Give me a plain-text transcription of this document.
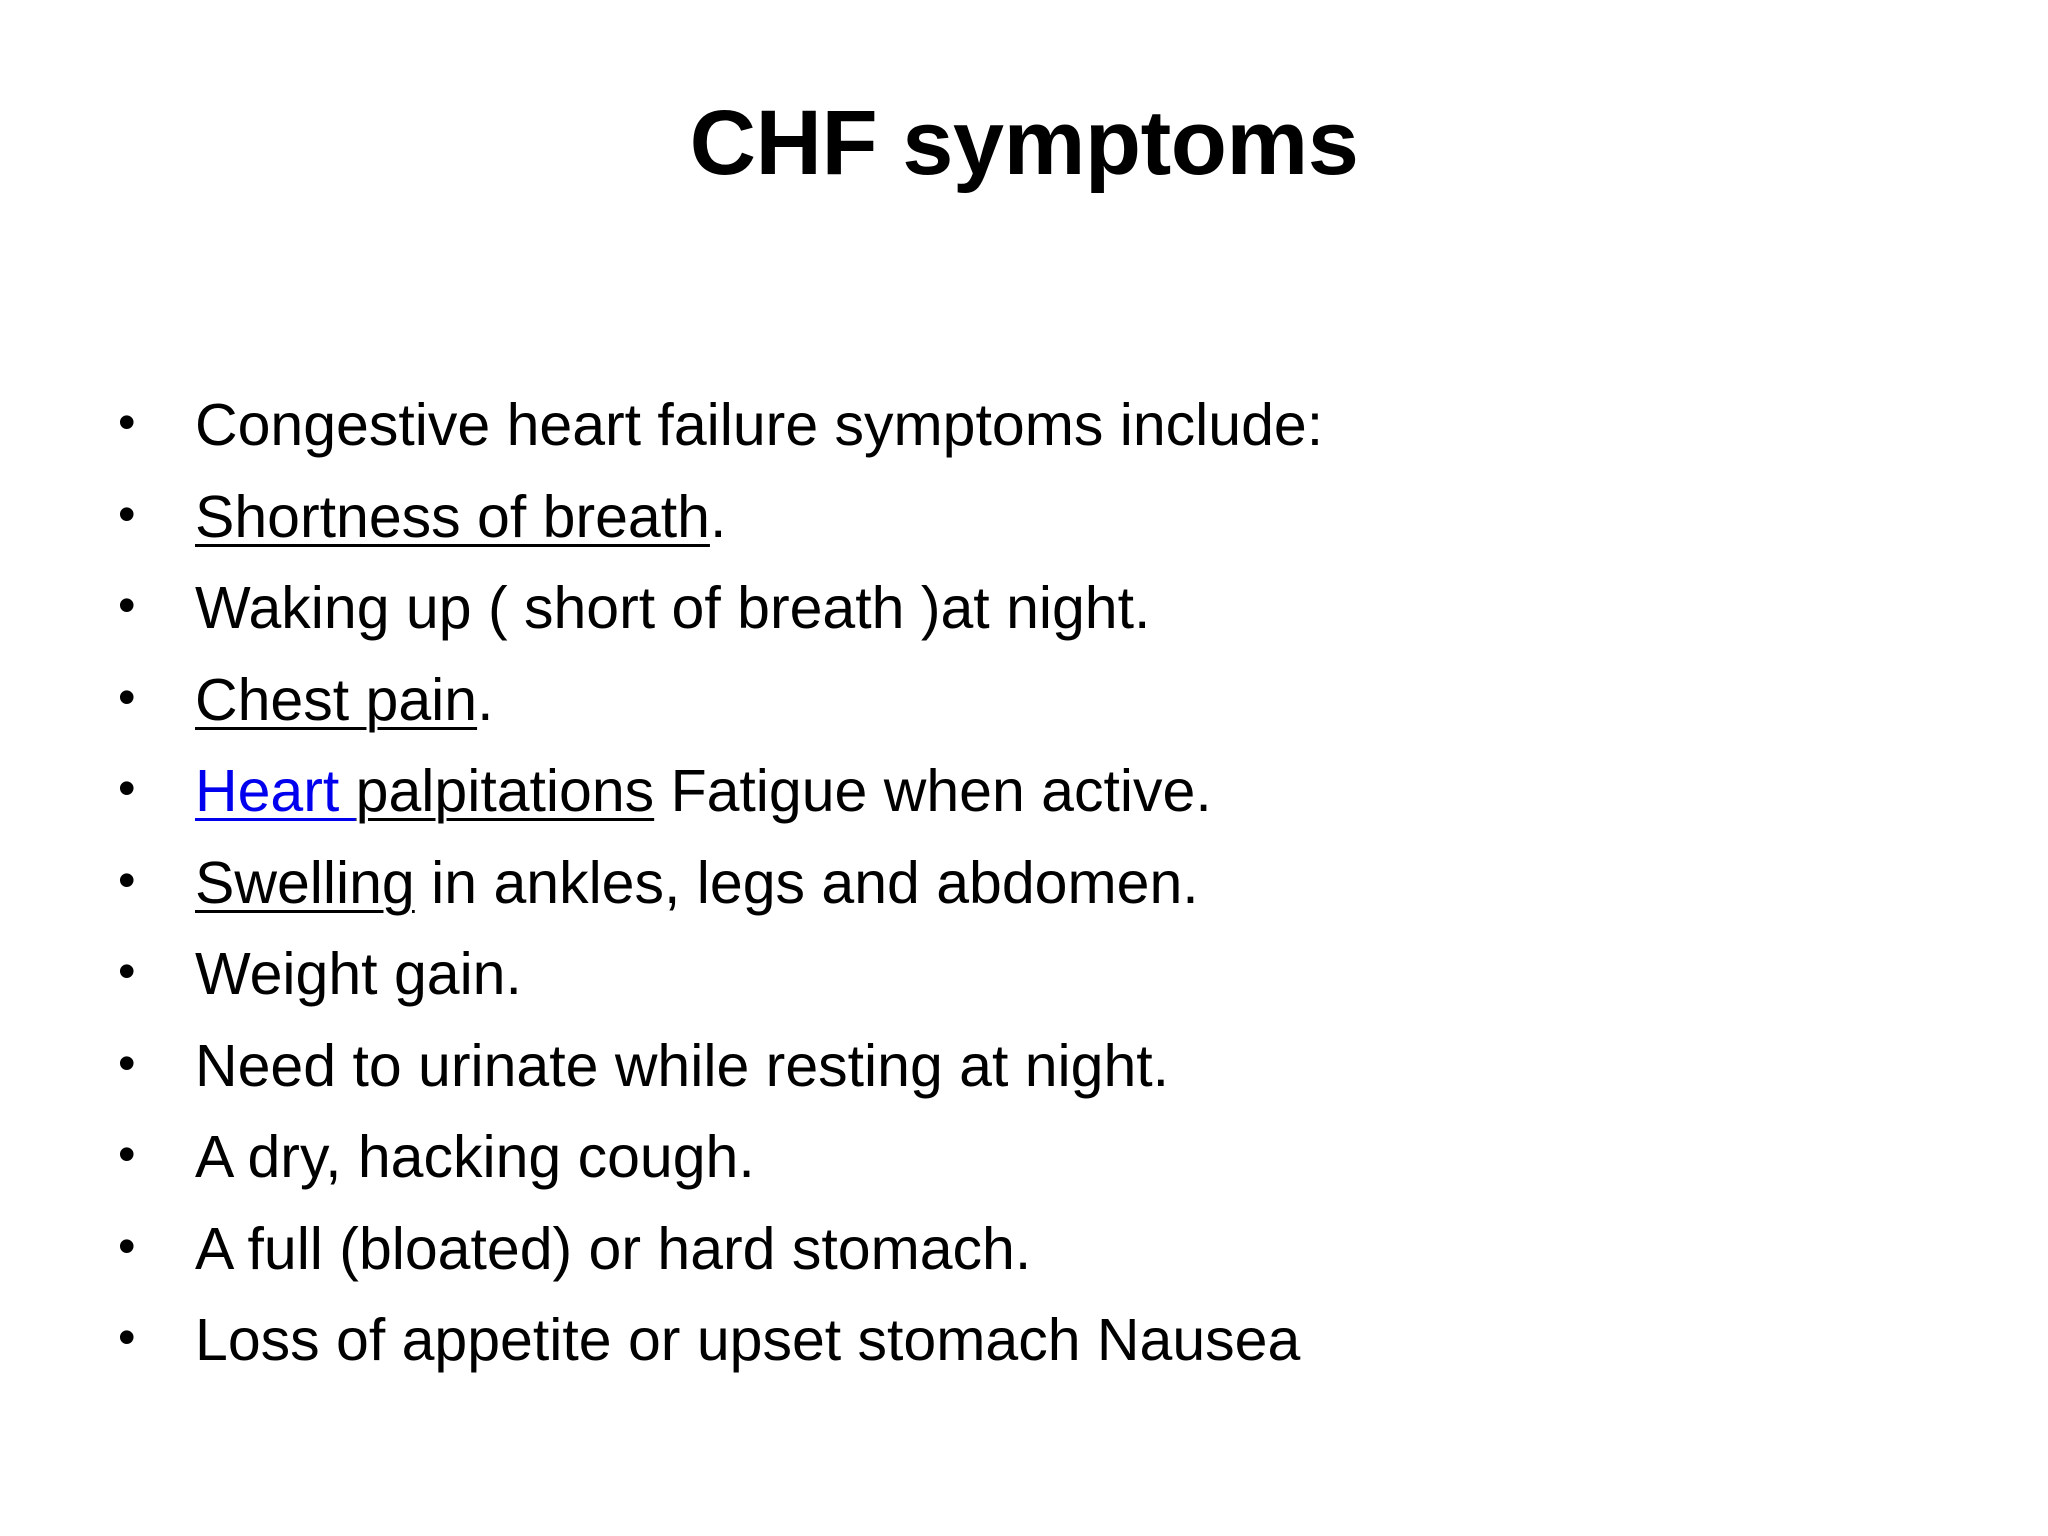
CHF symptoms
•	Congestive heart failure symptoms include:
•	Shortness of breath.
•	Waking up ( short of breath )at night.
•	Chest pain.
•	Heart palpitations Fatigue when active.
•	Swelling in ankles, legs and abdomen.
•	Weight gain.
•	Need to urinate while resting at night.
•	A dry, hacking cough.
•	A full (bloated) or hard stomach.
•	Loss of appetite or upset stomach Nausea
